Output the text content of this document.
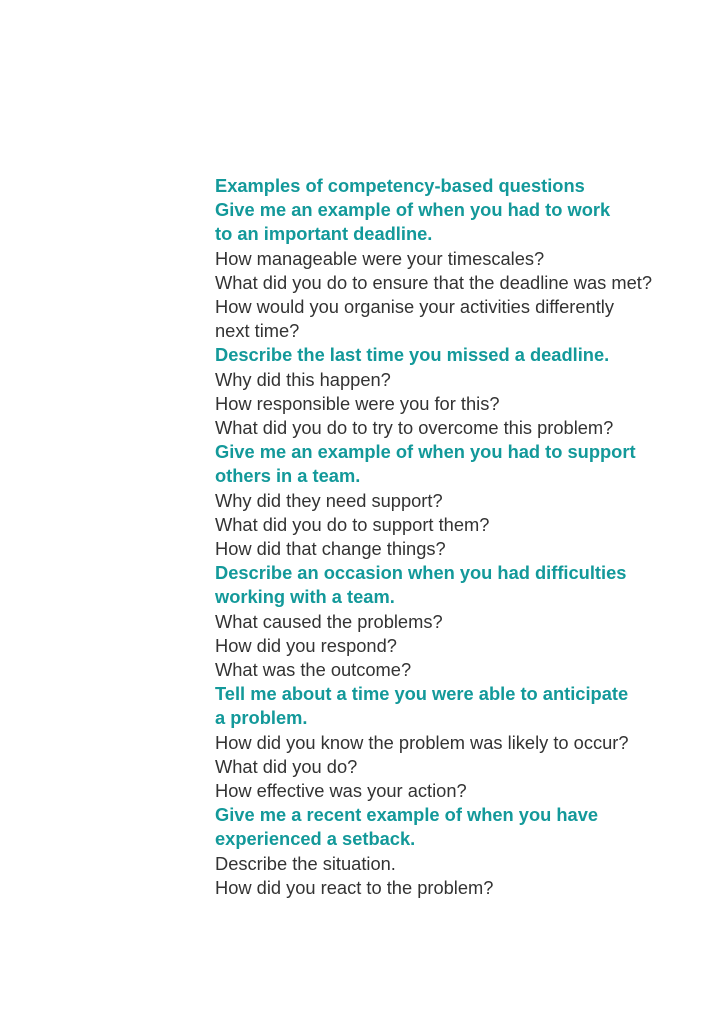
Examples of competency-based questions

Give me an example of when you had to work

to an important deadline.

How manageable were your timescales?

What did you do to ensure that the deadline was met?

How would you organise your activities differently

next time?

Describe the last time you missed a deadline.

Why did this happen?

How responsible were you for this?

What did you do to try to overcome this problem?

Give me an example of when you had to support

others in a team.

Why did they need support?

What did you do to support them?

How did that change things?

Describe an occasion when you had difficulties

working with a team.

What caused the problems?

How did you respond?

What was the outcome?

Tell me about a time you were able to anticipate

a problem.

How did you know the problem was likely to occur?

What did you do?

How effective was your action?

Give me a recent example of when you have

experienced a setback.

Describe the situation.

How did you react to the problem?
